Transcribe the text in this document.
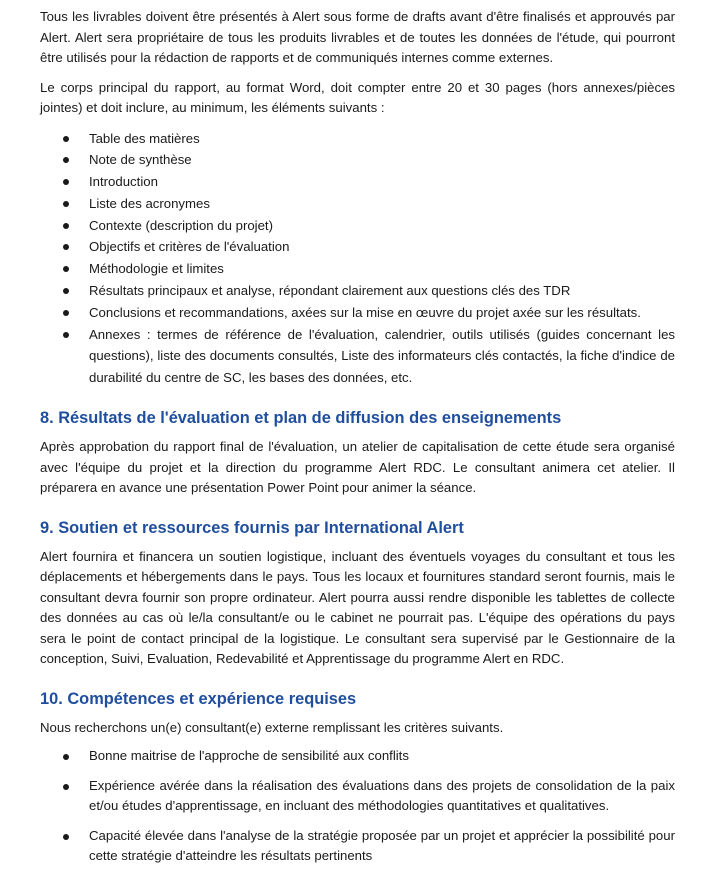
Tous les livrables doivent être présentés à Alert sous forme de drafts avant d'être finalisés et approuvés par Alert. Alert sera propriétaire de tous les produits livrables et de toutes les données de l'étude, qui pourront être utilisés pour la rédaction de rapports et de communiqués internes comme externes.

Le corps principal du rapport, au format Word, doit compter entre 20 et 30 pages (hors annexes/pièces jointes) et doit inclure, au minimum, les éléments suivants :

Table des matières
Note de synthèse
Introduction
Liste des acronymes
Contexte (description du projet)
Objectifs et critères de l'évaluation
Méthodologie et limites
Résultats principaux et analyse, répondant clairement aux questions clés des TDR
Conclusions et recommandations, axées sur la mise en œuvre du projet axée sur les résultats.
Annexes : termes de référence de l'évaluation, calendrier, outils utilisés (guides concernant les questions), liste des documents consultés, Liste des informateurs clés contactés, la fiche d'indice de durabilité du centre de SC, les bases des données, etc.
8. Résultats de l'évaluation et plan de diffusion des enseignements

Après approbation du rapport final de l'évaluation, un atelier de capitalisation de cette étude sera organisé avec l'équipe du projet et la direction du programme Alert RDC. Le consultant animera cet atelier. Il préparera en avance une présentation Power Point pour animer la séance.

9. Soutien et ressources fournis par International Alert

Alert fournira et financera un soutien logistique, incluant des éventuels voyages du consultant et tous les déplacements et hébergements dans le pays. Tous les locaux et fournitures standard seront fournis, mais le consultant devra fournir son propre ordinateur. Alert pourra aussi rendre disponible les tablettes de collecte des données au cas où le/la consultant/e ou le cabinet ne pourrait pas. L'équipe des opérations du pays sera le point de contact principal de la logistique. Le consultant sera supervisé par le Gestionnaire de la conception, Suivi, Evaluation, Redevabilité et Apprentissage du programme Alert en RDC.

10. Compétences et expérience requises

Nous recherchons un(e) consultant(e) externe remplissant les critères suivants.

Bonne maitrise de l'approche de sensibilité aux conflits
Expérience avérée dans la réalisation des évaluations dans des projets de consolidation de la paix et/ou études d'apprentissage, en incluant des méthodologies quantitatives et qualitatives.
Capacité élevée dans l'analyse de la stratégie proposée par un projet et apprécier la possibilité pour cette stratégie d'atteindre les résultats pertinents
